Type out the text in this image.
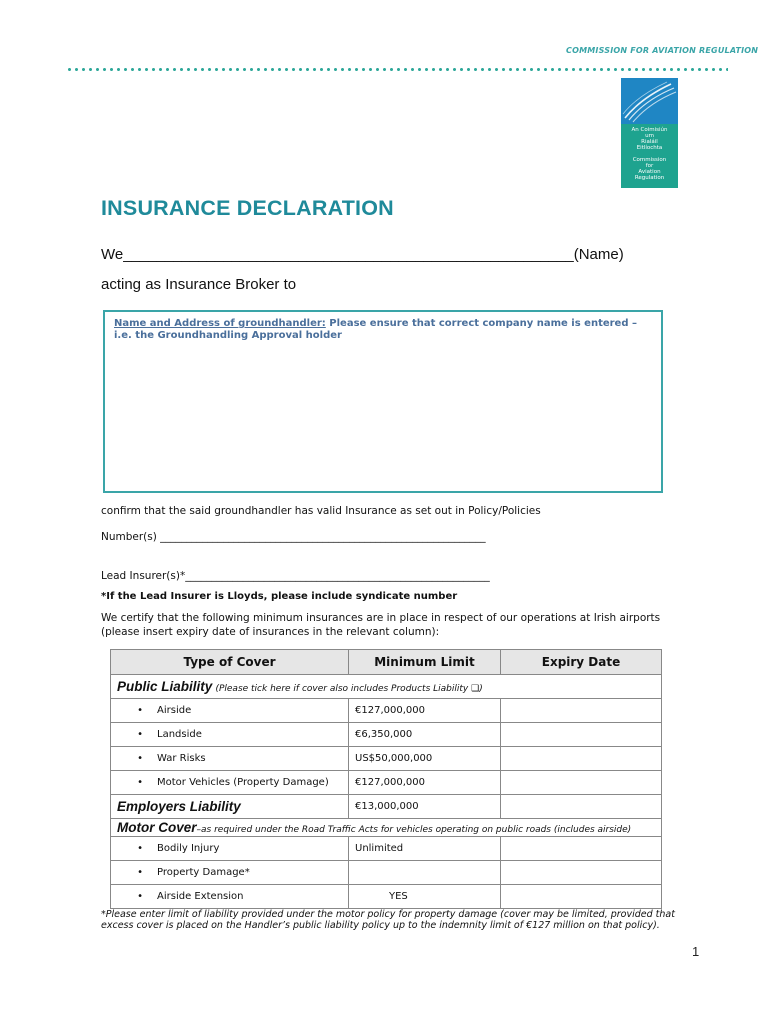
COMMISSION FOR AVIATION REGULATION
An Coimisiún
um
Rialáil
Eitlíochta
Commission
for
Aviation
Regulation
INSURANCE DECLARATION
We______________________________________________________(Name)
acting as Insurance Broker to
Name and Address of groundhandler: Please ensure that correct company name is entered – i.e. the Groundhandling Approval holder
confirm that the said groundhandler has valid Insurance as set out in Policy/Policies
Number(s) ______________________________________________________________
Lead Insurer(s)*__________________________________________________________
*If the Lead Insurer is Lloyds, please include syndicate number
We certify that the following minimum insurances are in place in respect of our operations at Irish airports (please insert expiry date of insurances in the relevant column):
Type of Cover	Minimum Limit	Expiry Date
Public Liability (Please tick here if cover also includes Products Liability ❑)		
• Airside	€127,000,000	
• Landside	€6,350,000	
• War Risks	US$50,000,000	
• Motor Vehicles (Property Damage)	€127,000,000	
Employers Liability	€13,000,000	
Motor Cover–as required under the Road Traffic Acts for vehicles operating on public roads (includes airside)		
• Bodily Injury	Unlimited	
• Property Damage*		
• Airside Extension	YES	
*Please enter limit of liability provided under the motor policy for property damage (cover may be limited, provided that excess cover is placed on the Handler’s public liability policy up to the indemnity limit of €127 million on that policy).
1
